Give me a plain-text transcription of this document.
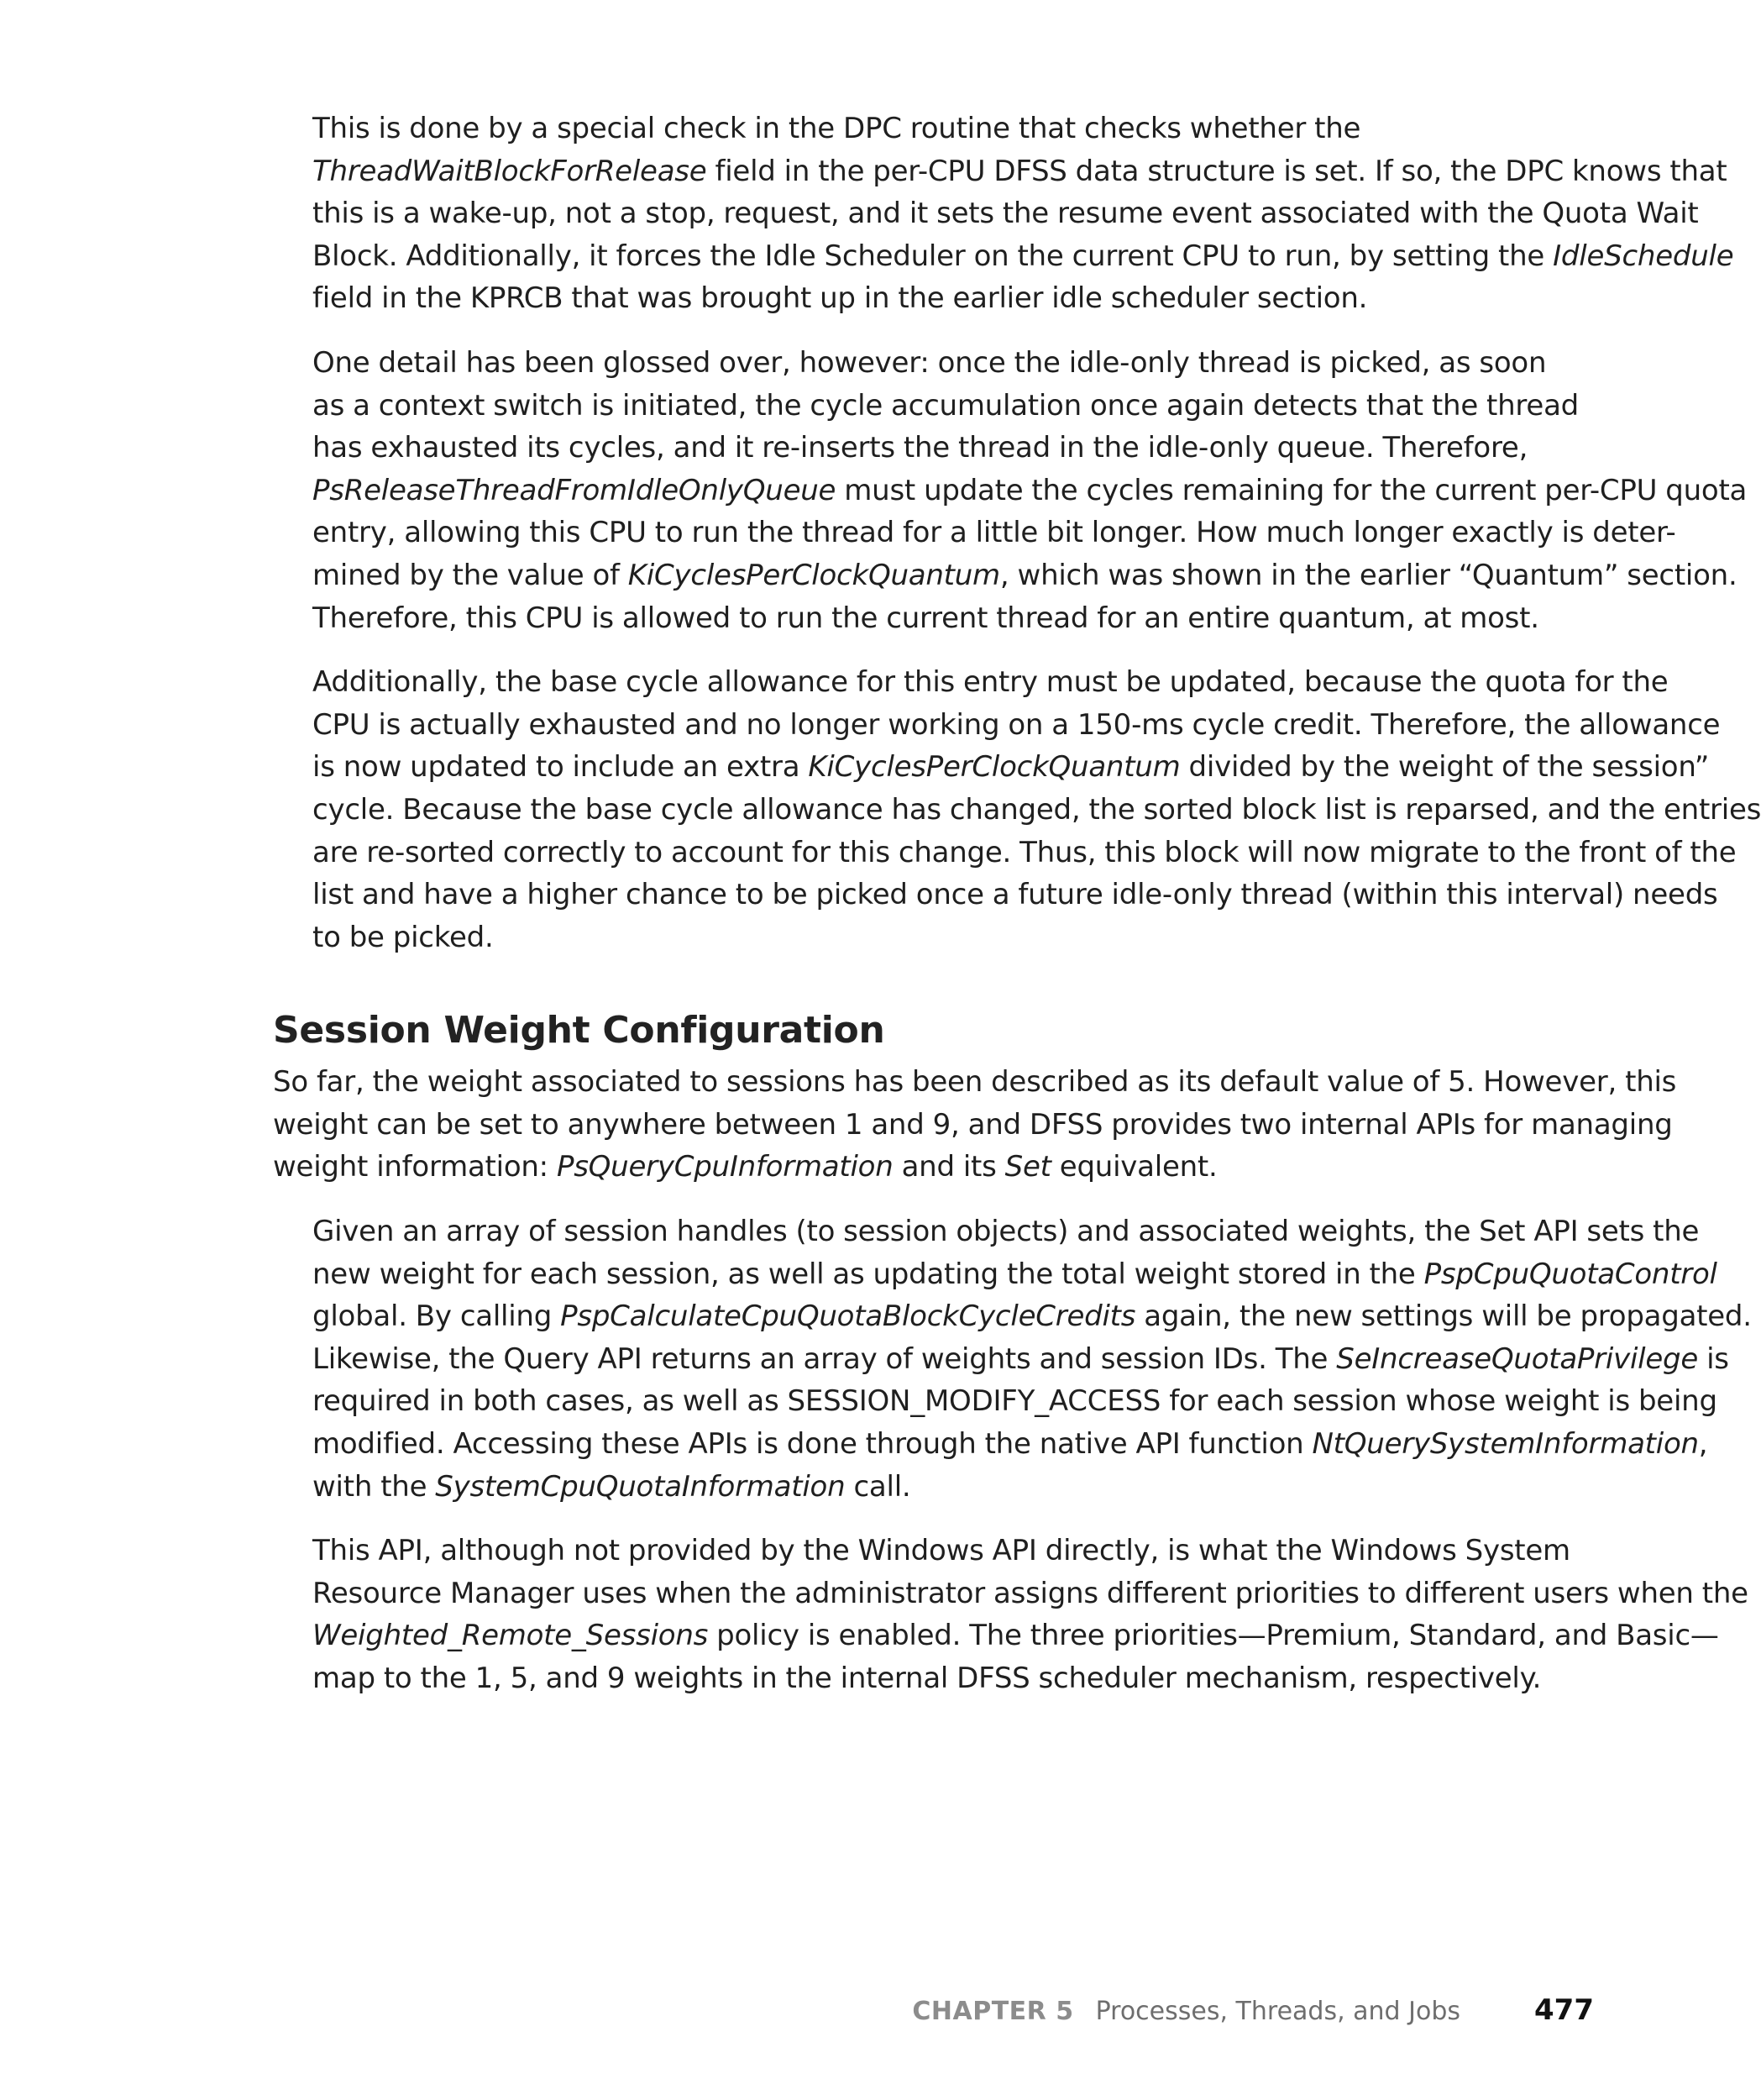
This is done by a special check in the DPC routine that checks whether the
ThreadWaitBlockForRelease field in the per-CPU DFSS data structure is set. If so, the DPC knows that
this is a wake-up, not a stop, request, and it sets the resume event associated with the Quota Wait
Block. Additionally, it forces the Idle Scheduler on the current CPU to run, by setting the IdleSchedule
field in the KPRCB that was brought up in the earlier idle scheduler section.

One detail has been glossed over, however: once the idle-only thread is picked, as soon
as a context switch is initiated, the cycle accumulation once again detects that the thread
has exhausted its cycles, and it re-inserts the thread in the idle-only queue. Therefore,
PsReleaseThreadFromIdleOnlyQueue must update the cycles remaining for the current per-CPU quota
entry, allowing this CPU to run the thread for a little bit longer. How much longer exactly is deter-
mined by the value of KiCyclesPerClockQuantum, which was shown in the earlier “Quantum” section.
Therefore, this CPU is allowed to run the current thread for an entire quantum, at most.

Additionally, the base cycle allowance for this entry must be updated, because the quota for the
CPU is actually exhausted and no longer working on a 150-ms cycle credit. Therefore, the allowance
is now updated to include an extra KiCyclesPerClockQuantum divided by the weight of the session”
cycle. Because the base cycle allowance has changed, the sorted block list is reparsed, and the entries
are re-sorted correctly to account for this change. Thus, this block will now migrate to the front of the
list and have a higher chance to be picked once a future idle-only thread (within this interval) needs
to be picked.

Session Weight Configuration

So far, the weight associated to sessions has been described as its default value of 5. However, this
weight can be set to anywhere between 1 and 9, and DFSS provides two internal APIs for managing
weight information: PsQueryCpuInformation and its Set equivalent.

Given an array of session handles (to session objects) and associated weights, the Set API sets the
new weight for each session, as well as updating the total weight stored in the PspCpuQuotaControl
global. By calling PspCalculateCpuQuotaBlockCycleCredits again, the new settings will be propagated.
Likewise, the Query API returns an array of weights and session IDs. The SeIncreaseQuotaPrivilege is
required in both cases, as well as SESSION_MODIFY_ACCESS for each session whose weight is being
modified. Accessing these APIs is done through the native API function NtQuerySystemInformation,
with the SystemCpuQuotaInformation call.

This API, although not provided by the Windows API directly, is what the Windows System
Resource Manager uses when the administrator assigns different priorities to different users when the
Weighted_Remote_Sessions policy is enabled. The three priorities—Premium, Standard, and Basic—
map to the 1, 5, and 9 weights in the internal DFSS scheduler mechanism, respectively.

CHAPTER 5 Processes, Threads, and Jobs	477
